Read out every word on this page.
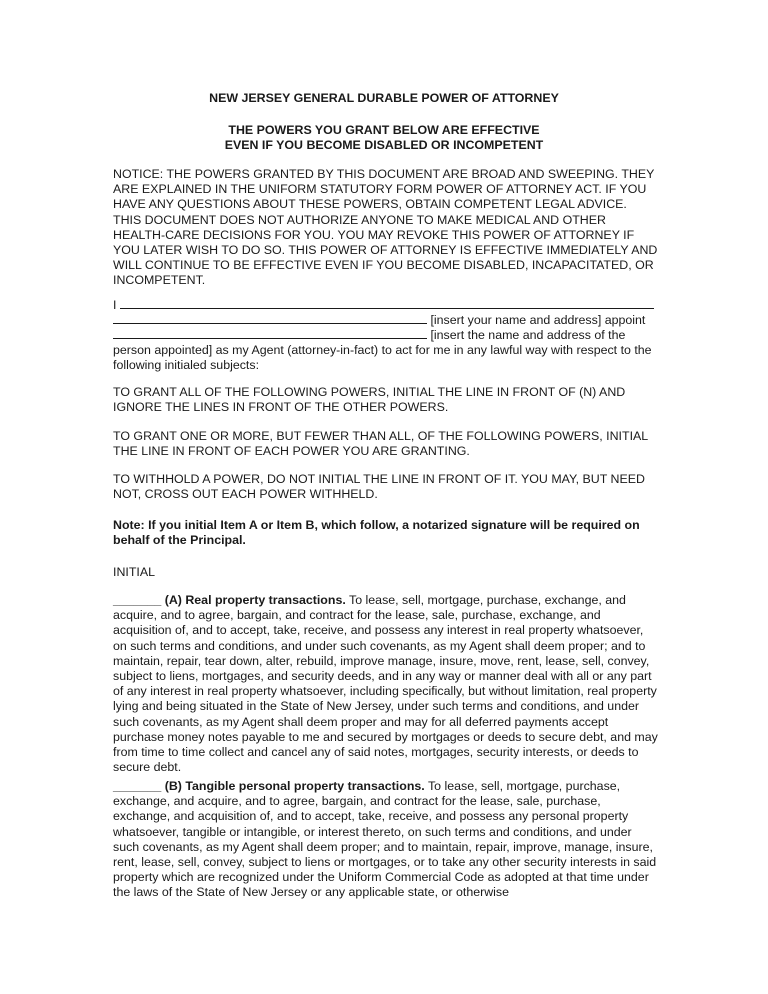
NEW JERSEY GENERAL DURABLE POWER OF ATTORNEY
THE POWERS YOU GRANT BELOW ARE EFFECTIVE
EVEN IF YOU BECOME DISABLED OR INCOMPETENT

NOTICE: THE POWERS GRANTED BY THIS DOCUMENT ARE BROAD AND SWEEPING. THEY ARE EXPLAINED IN THE UNIFORM STATUTORY FORM POWER OF ATTORNEY ACT. IF YOU HAVE ANY QUESTIONS ABOUT THESE POWERS, OBTAIN COMPETENT LEGAL ADVICE. THIS DOCUMENT DOES NOT AUTHORIZE ANYONE TO MAKE MEDICAL AND OTHER HEALTH-CARE DECISIONS FOR YOU. YOU MAY REVOKE THIS POWER OF ATTORNEY IF YOU LATER WISH TO DO SO. THIS POWER OF ATTORNEY IS EFFECTIVE IMMEDIATELY AND WILL CONTINUE TO BE EFFECTIVE EVEN IF YOU BECOME DISABLED, INCAPACITATED, OR INCOMPETENT.

I
[insert your name and address] appoint
[insert the name and address of the

person appointed] as my Agent (attorney-in-fact) to act for me in any lawful way with respect to the following initialed subjects:

TO GRANT ALL OF THE FOLLOWING POWERS, INITIAL THE LINE IN FRONT OF (N) AND IGNORE THE LINES IN FRONT OF THE OTHER POWERS.

TO GRANT ONE OR MORE, BUT FEWER THAN ALL, OF THE FOLLOWING POWERS, INITIAL THE LINE IN FRONT OF EACH POWER YOU ARE GRANTING.

TO WITHHOLD A POWER, DO NOT INITIAL THE LINE IN FRONT OF IT. YOU MAY, BUT NEED NOT, CROSS OUT EACH POWER WITHHELD.

Note: If you initial Item A or Item B, which follow, a notarized signature will be required on behalf of the Principal.

INITIAL

_______ (A) Real property transactions. To lease, sell, mortgage, purchase, exchange, and acquire, and to agree, bargain, and contract for the lease, sale, purchase, exchange, and acquisition of, and to accept, take, receive, and possess any interest in real property whatsoever, on such terms and conditions, and under such covenants, as my Agent shall deem proper; and to maintain, repair, tear down, alter, rebuild, improve manage, insure, move, rent, lease, sell, convey, subject to liens, mortgages, and security deeds, and in any way or manner deal with all or any part of any interest in real property whatsoever, including specifically, but without limitation, real property lying and being situated in the State of New Jersey, under such terms and conditions, and under such covenants, as my Agent shall deem proper and may for all deferred payments accept purchase money notes payable to me and secured by mortgages or deeds to secure debt, and may from time to time collect and cancel any of said notes, mortgages, security interests, or deeds to secure debt.

_______ (B) Tangible personal property transactions. To lease, sell, mortgage, purchase, exchange, and acquire, and to agree, bargain, and contract for the lease, sale, purchase, exchange, and acquisition of, and to accept, take, receive, and possess any personal property whatsoever, tangible or intangible, or interest thereto, on such terms and conditions, and under such covenants, as my Agent shall deem proper; and to maintain, repair, improve, manage, insure, rent, lease, sell, convey, subject to liens or mortgages, or to take any other security interests in said property which are recognized under the Uniform Commercial Code as adopted at that time under the laws of the State of New Jersey or any applicable state, or otherwise
